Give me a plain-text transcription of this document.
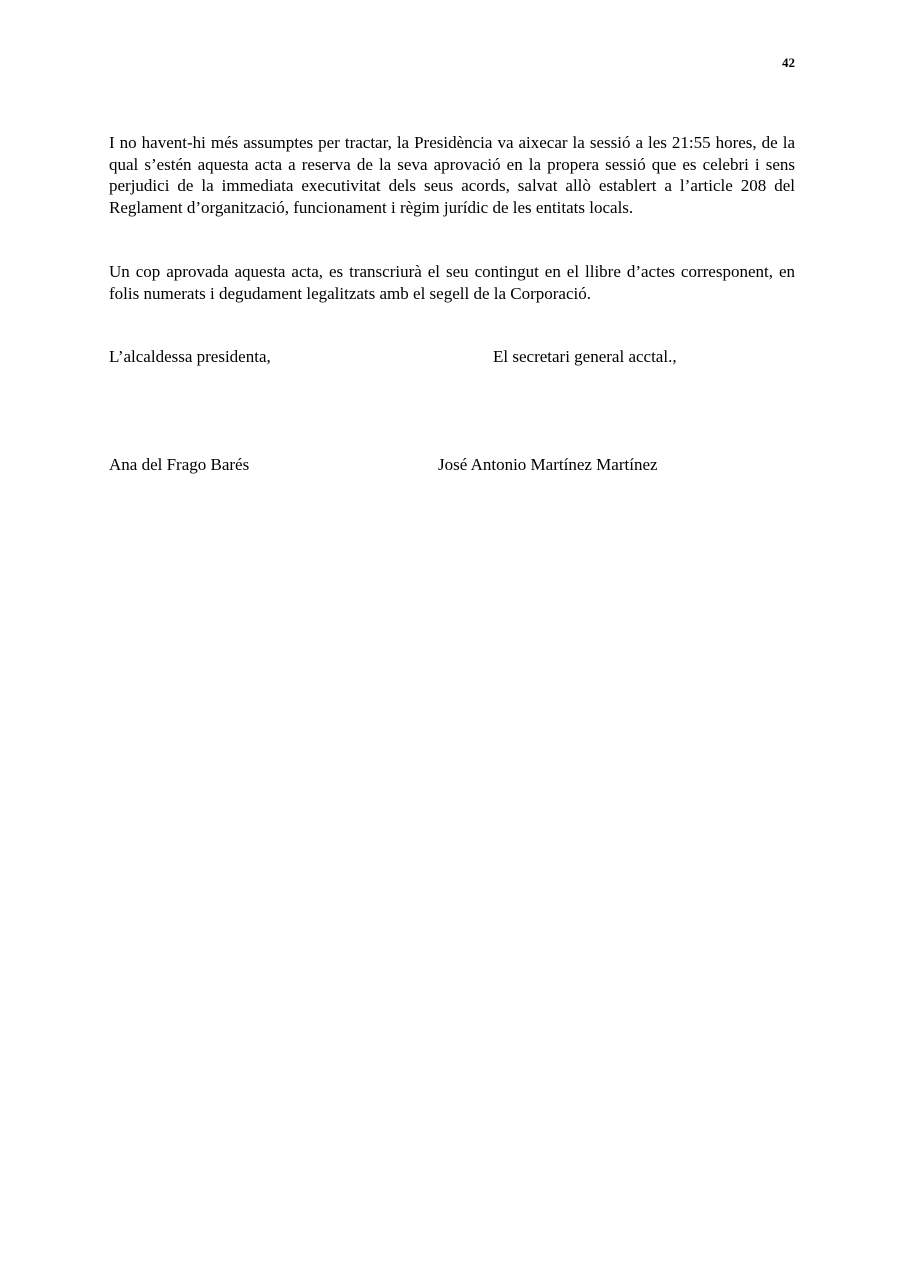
42

I no havent-hi més assumptes per tractar, la Presidència va aixecar la sessió a les 21:55 hores, de la qual s’estén aquesta acta a reserva de la seva aprovació en la propera sessió que es celebri i sens perjudici de la immediata executivitat dels seus acords, salvat allò establert a l’article 208 del Reglament d’organització, funcionament i règim jurídic de les entitats locals.

Un cop aprovada aquesta acta, es transcriurà el seu contingut en el llibre d’actes corresponent, en folis numerats i degudament legalitzats amb el segell de la Corporació.

L’alcaldessa presidenta,	El secretari general acctal.,
Ana del Frago Barés	José Antonio Martínez Martínez
